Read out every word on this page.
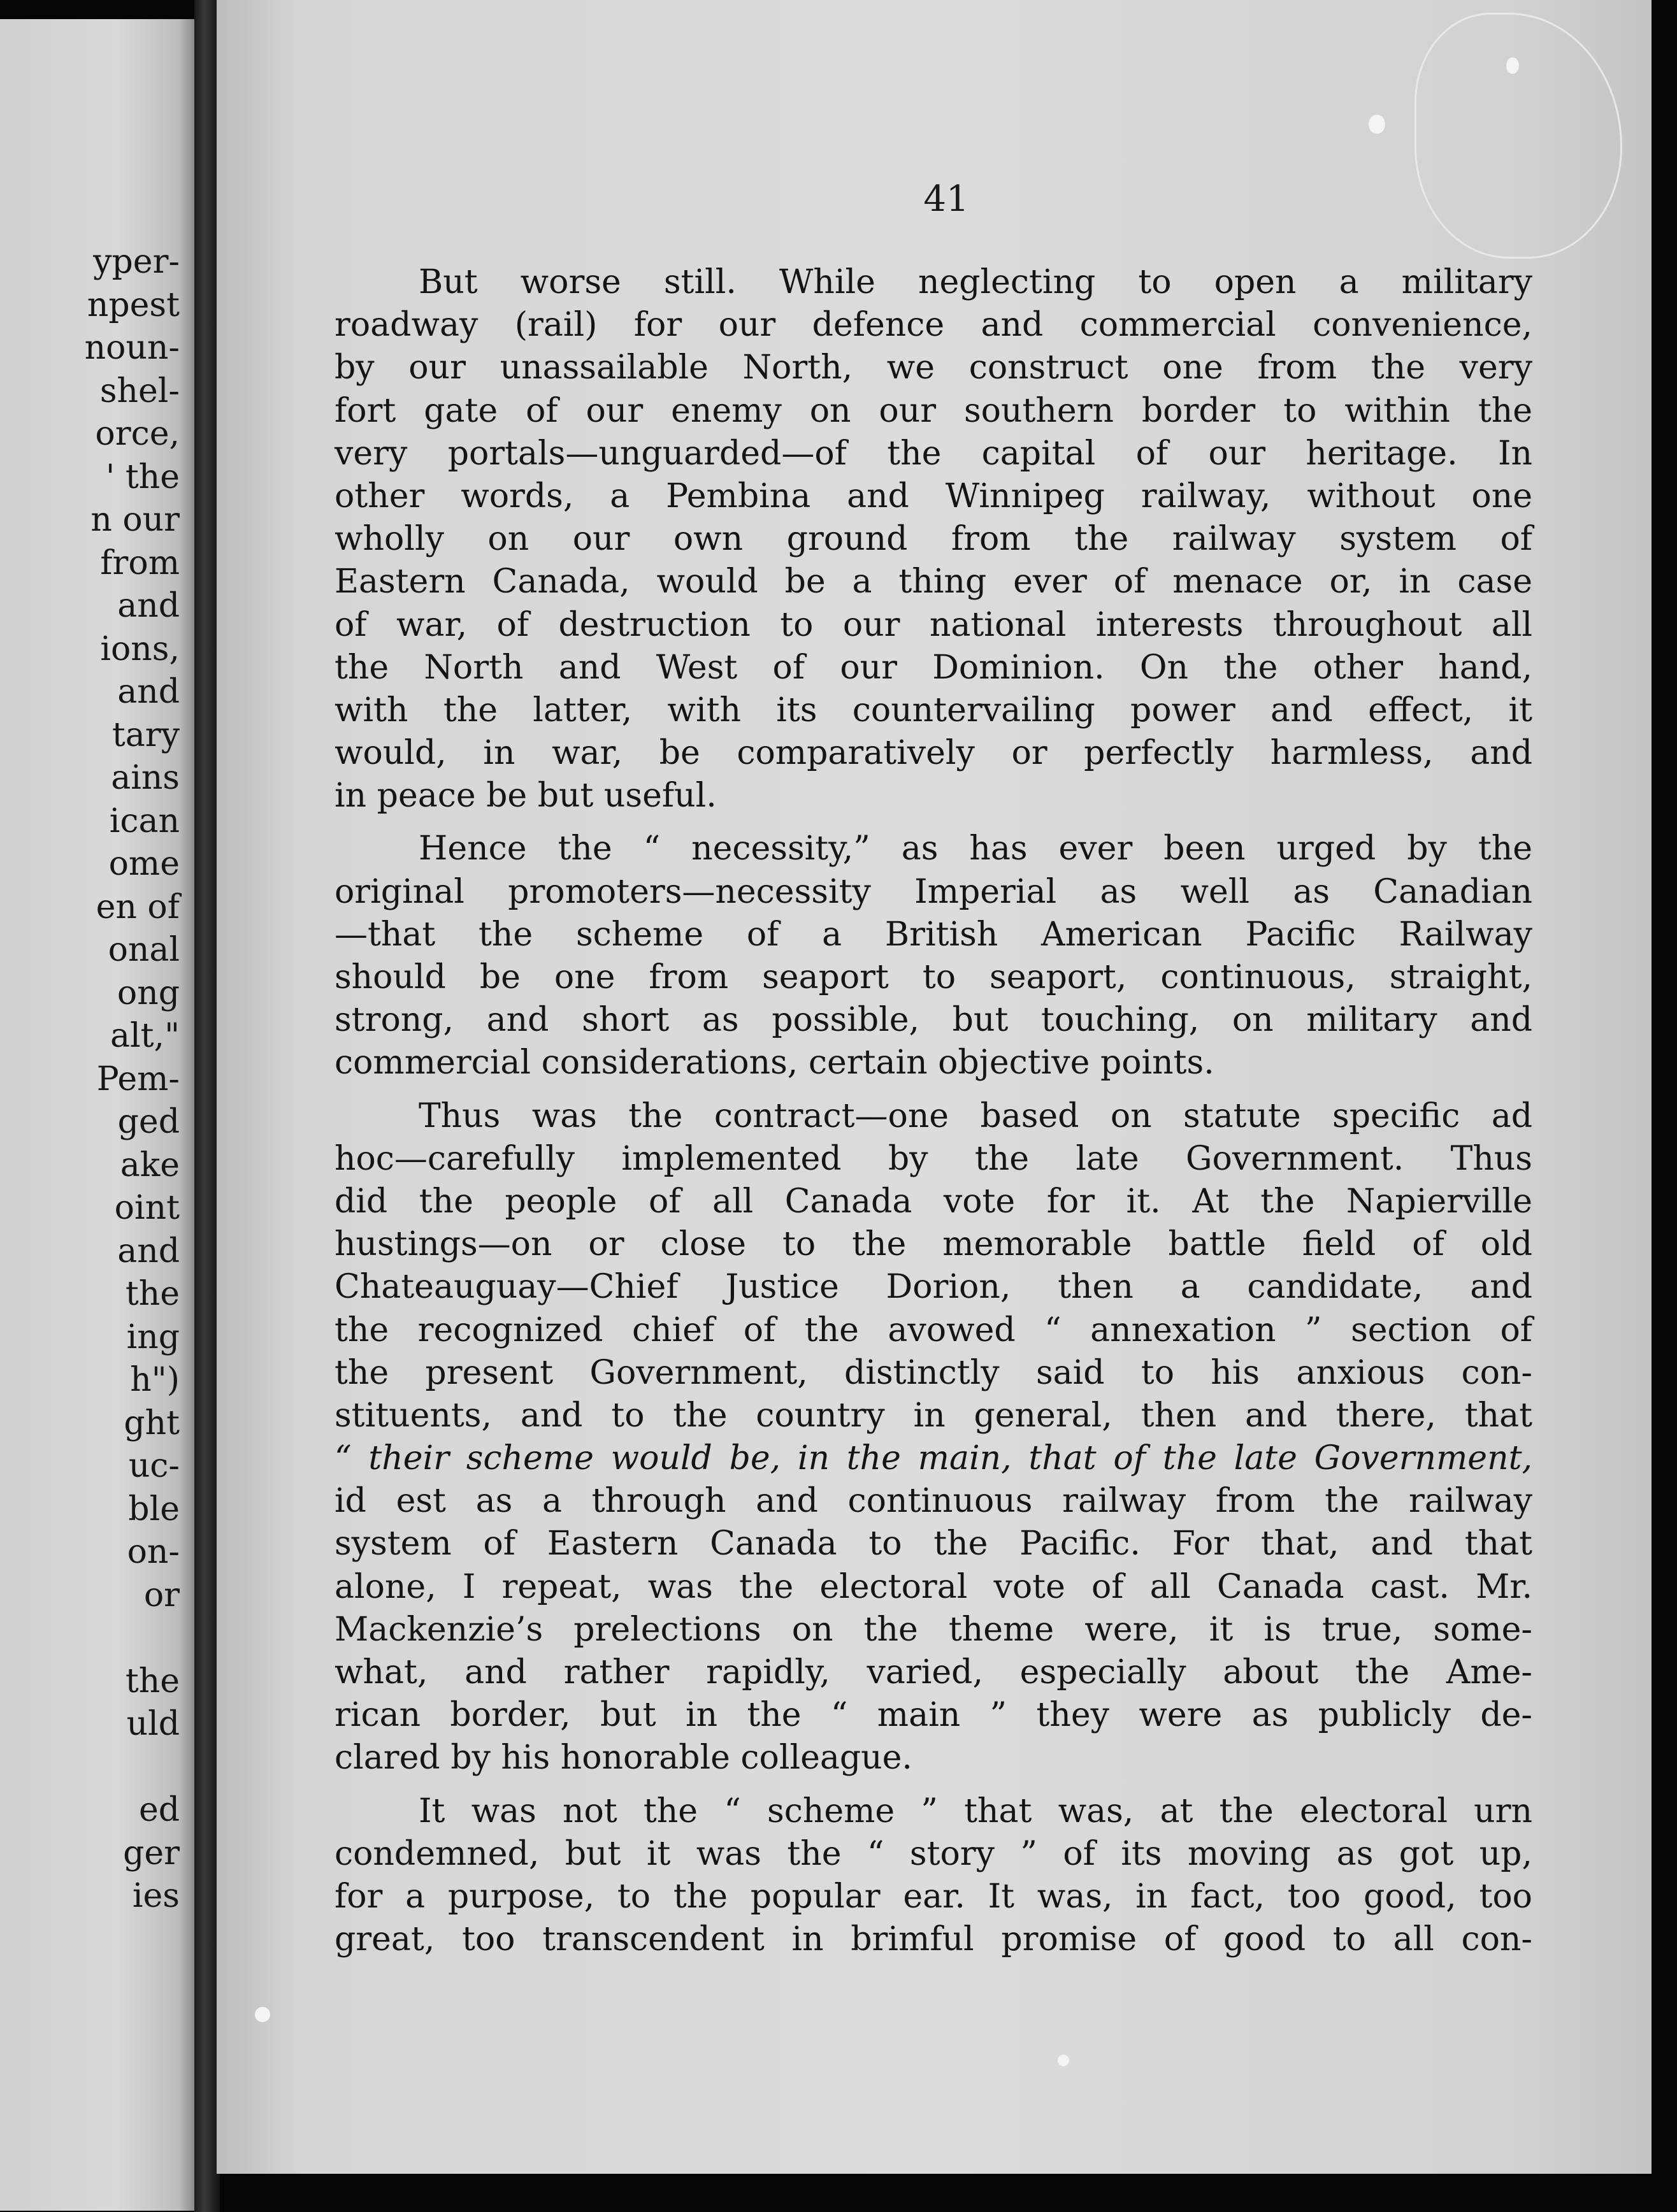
yper-
npest
noun-
shel-
orce,
' the
n our
from
and
ions,
and
tary
ains
ican
ome
en of
onal
ong
alt,"
Pem-
ged
ake
oint
and
the
ing
h")
ght
uc-
ble
on-
or
the
uld
ed
ger
ies

41

But worse still. While neglecting to open a military
roadway (rail) for our defence and commercial convenience,
by our unassailable North, we construct one from the very
fort gate of our enemy on our southern border to within the
very portals—unguarded—of the capital of our heritage. In
other words, a Pembina and Winnipeg railway, without one
wholly on our own ground from the railway system of
Eastern Canada, would be a thing ever of menace or, in case
of war, of destruction to our national interests throughout all
the North and West of our Dominion. On the other hand,
with the latter, with its countervailing power and effect, it
would, in war, be comparatively or perfectly harmless, and
in peace be but useful.
Hence the “ necessity,” as has ever been urged by the
original promoters—necessity Imperial as well as Canadian
—that the scheme of a British American Pacific Railway
should be one from seaport to seaport, continuous, straight,
strong, and short as possible, but touching, on military and
commercial considerations, certain objective points.
Thus was the contract—one based on statute specific ad
hoc—carefully implemented by the late Government. Thus
did the people of all Canada vote for it. At the Napierville
hustings—on or close to the memorable battle field of old
Chateauguay—Chief Justice Dorion, then a candidate, and
the recognized chief of the avowed “ annexation ” section of
the present Government, distinctly said to his anxious con-
stituents, and to the country in general, then and there, that
“ their scheme would be, in the main, that of the late Government,
id est as a through and continuous railway from the railway
system of Eastern Canada to the Pacific. For that, and that
alone, I repeat, was the electoral vote of all Canada cast. Mr.
Mackenzie’s prelections on the theme were, it is true, some-
what, and rather rapidly, varied, especially about the Ame-
rican border, but in the “ main ” they were as publicly de-
clared by his honorable colleague.
It was not the “ scheme ” that was, at the electoral urn
condemned, but it was the “ story ” of its moving as got up,
for a purpose, to the popular ear. It was, in fact, too good, too
great, too transcendent in brimful promise of good to all con-
